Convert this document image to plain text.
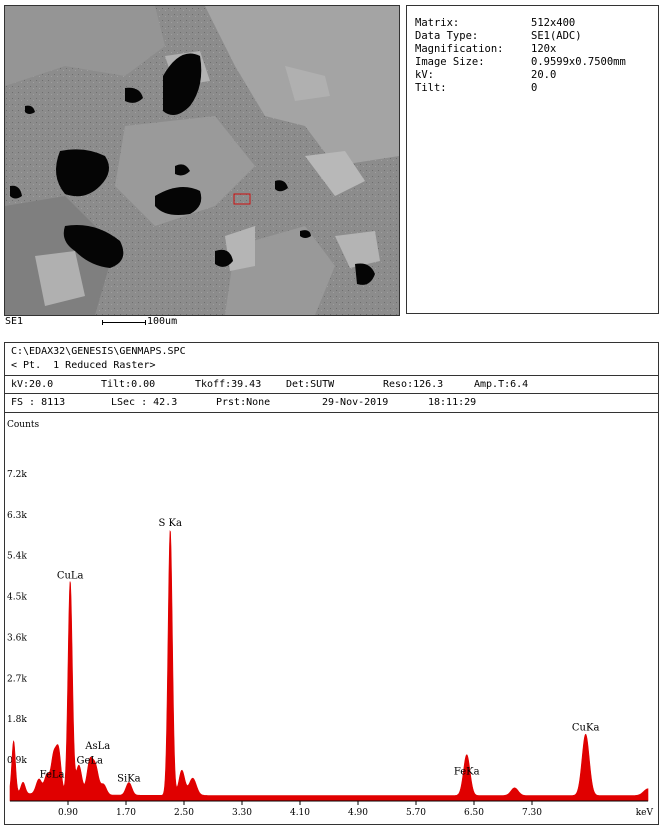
Matrix:	512x400
Data Type:	SE1(ADC)
Magnification:	120x
Image Size:	0.9599x0.7500mm
kV:	20.0
Tilt:	0
SE1	100um
C:\EDAX32\GENESIS\GENMAPS.SPC
< Pt.  1 Reduced Raster>
kV:20.0	Tilt:0.00	Tkoff:39.43 Det:SUTW	Reso:126.3	Amp.T:6.4
FS : 8113	LSec : 42.3	Prst:None	29-Nov-2019	18:11:29
Counts
0.9k
1.8k
2.7k
3.6k
4.5k
5.4k
6.3k
7.2k
0.90	1.70	2.50	3.30	4.10	4.90	5.70	6.50	7.30	keV
S Ka
CuLa
AsLa
GeLa
FeLa	SiKa
FeKa
CuKa
